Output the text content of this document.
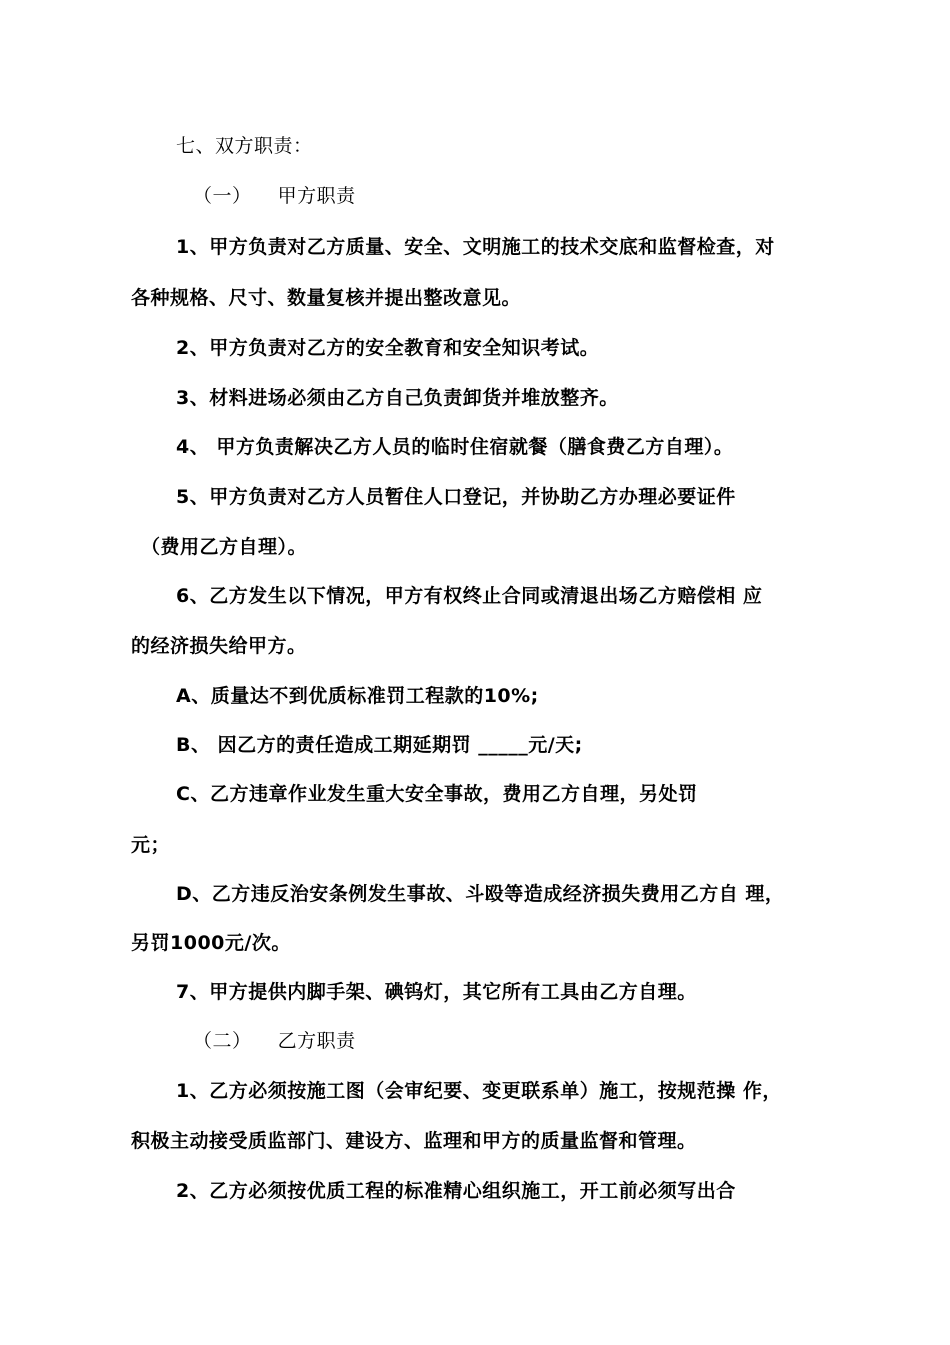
七、双方职责：
（一）    甲方职责
1、甲方负责对乙方质量、安全、文明施工的技术交底和监督检查，对
各种规格、尺寸、数量复核并提出整改意见。
2、甲方负责对乙方的安全教育和安全知识考试。
3、材料进场必须由乙方自己负责卸货并堆放整齐。
4、 甲方负责解决乙方人员的临时住宿就餐（膳食费乙方自理）。
5、甲方负责对乙方人员暂住人口登记，并协助乙方办理必要证件
（费用乙方自理）。
6、乙方发生以下情况，甲方有权终止合同或清退出场乙方赔偿相 应
的经济损失给甲方。
A、质量达不到优质标准罚工程款的10%;
B、 因乙方的责任造成工期延期罚 _____元/天;
C、乙方违章作业发生重大安全事故，费用乙方自理，另处罚
元；
D、乙方违反治安条例发生事故、斗殴等造成经济损失费用乙方自 理，
另罚1000元/次。
7、甲方提供内脚手架、碘钨灯，其它所有工具由乙方自理。
（二）    乙方职责
1、乙方必须按施工图（会审纪要、变更联系单）施工，按规范操 作，
积极主动接受质监部门、建设方、监理和甲方的质量监督和管理。
2、乙方必须按优质工程的标准精心组织施工，开工前必须写出合
